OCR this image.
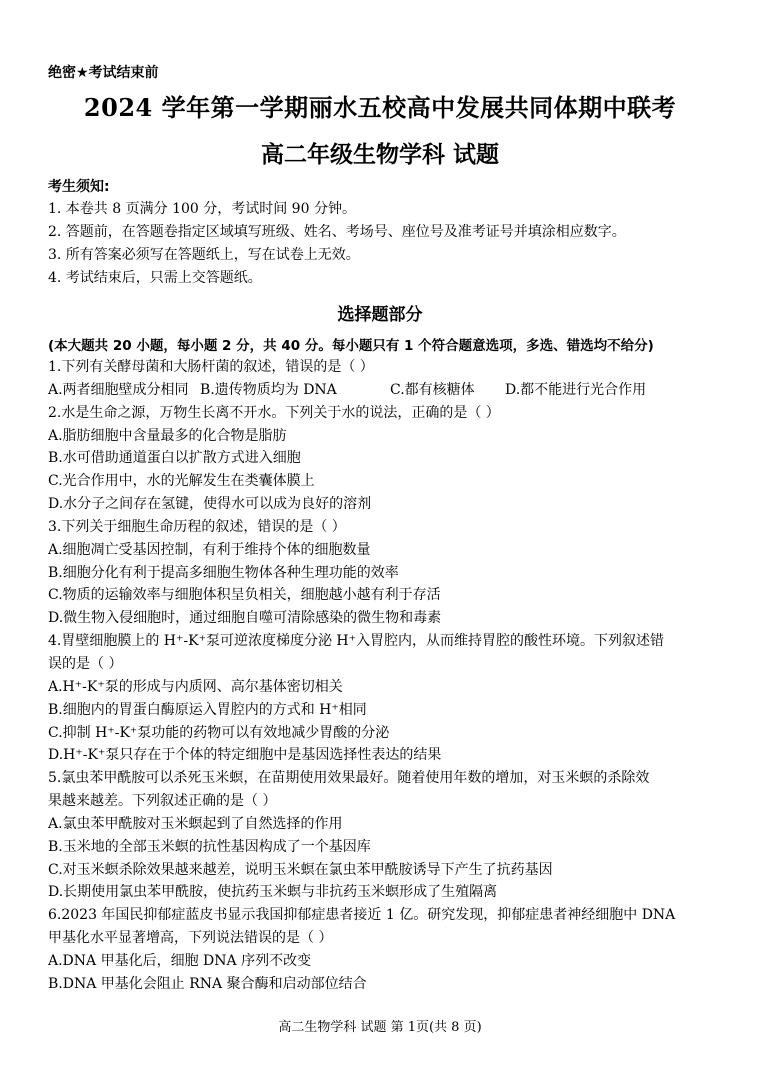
绝密★考试结束前
2024 学年第一学期丽水五校高中发展共同体期中联考
高二年级生物学科 试题
考生须知:
1. 本卷共 8 页满分 100 分，考试时间 90 分钟。
2. 答题前，在答题卷指定区域填写班级、姓名、考场号、座位号及准考证号并填涂相应数字。
3. 所有答案必须写在答题纸上，写在试卷上无效。
4. 考试结束后，只需上交答题纸。
选择题部分
(本大题共 20 小题，每小题 2 分，共 40 分。每小题只有 1 个符合题意选项，多选、错选均不给分)
1.下列有关酵母菌和大肠杆菌的叙述，错误的是（ ）
A.两者细胞壁成分相同 B.遗传物质均为 DNA	C.都有核糖体	D.都不能进行光合作用
2.水是生命之源，万物生长离不开水。下列关于水的说法，正确的是（ ）
A.脂肪细胞中含量最多的化合物是脂肪
B.水可借助通道蛋白以扩散方式进入细胞
C.光合作用中，水的光解发生在类囊体膜上
D.水分子之间存在氢键，使得水可以成为良好的溶剂
3.下列关于细胞生命历程的叙述，错误的是（ ）
A.细胞凋亡受基因控制，有利于维持个体的细胞数量
B.细胞分化有利于提高多细胞生物体各种生理功能的效率
C.物质的运输效率与细胞体积呈负相关，细胞越小越有利于存活
D.微生物入侵细胞时，通过细胞自噬可清除感染的微生物和毒素
4.胃壁细胞膜上的 H⁺-K⁺泵可逆浓度梯度分泌 H⁺入胃腔内，从而维持胃腔的酸性环境。下列叙述错
误的是（ ）
A.H⁺-K⁺泵的形成与内质网、高尔基体密切相关
B.细胞内的胃蛋白酶原运入胃腔内的方式和 H⁺相同
C.抑制 H⁺-K⁺泵功能的药物可以有效地减少胃酸的分泌
D.H⁺-K⁺泵只存在于个体的特定细胞中是基因选择性表达的结果
5.氯虫苯甲酰胺可以杀死玉米螟，在苗期使用效果最好。随着使用年数的增加，对玉米螟的杀除效
果越来越差。下列叙述正确的是（ ）
A.氯虫苯甲酰胺对玉米螟起到了自然选择的作用
B.玉米地的全部玉米螟的抗性基因构成了一个基因库
C.对玉米螟杀除效果越来越差，说明玉米螟在氯虫苯甲酰胺诱导下产生了抗药基因
D.长期使用氯虫苯甲酰胺，使抗药玉米螟与非抗药玉米螟形成了生殖隔离
6.2023 年国民抑郁症蓝皮书显示我国抑郁症患者接近 1 亿。研究发现，抑郁症患者神经细胞中 DNA
甲基化水平显著增高，下列说法错误的是（ ）
A.DNA 甲基化后，细胞 DNA 序列不改变
B.DNA 甲基化会阻止 RNA 聚合酶和启动部位结合
高二生物学科 试题 第 1页(共 8 页)
